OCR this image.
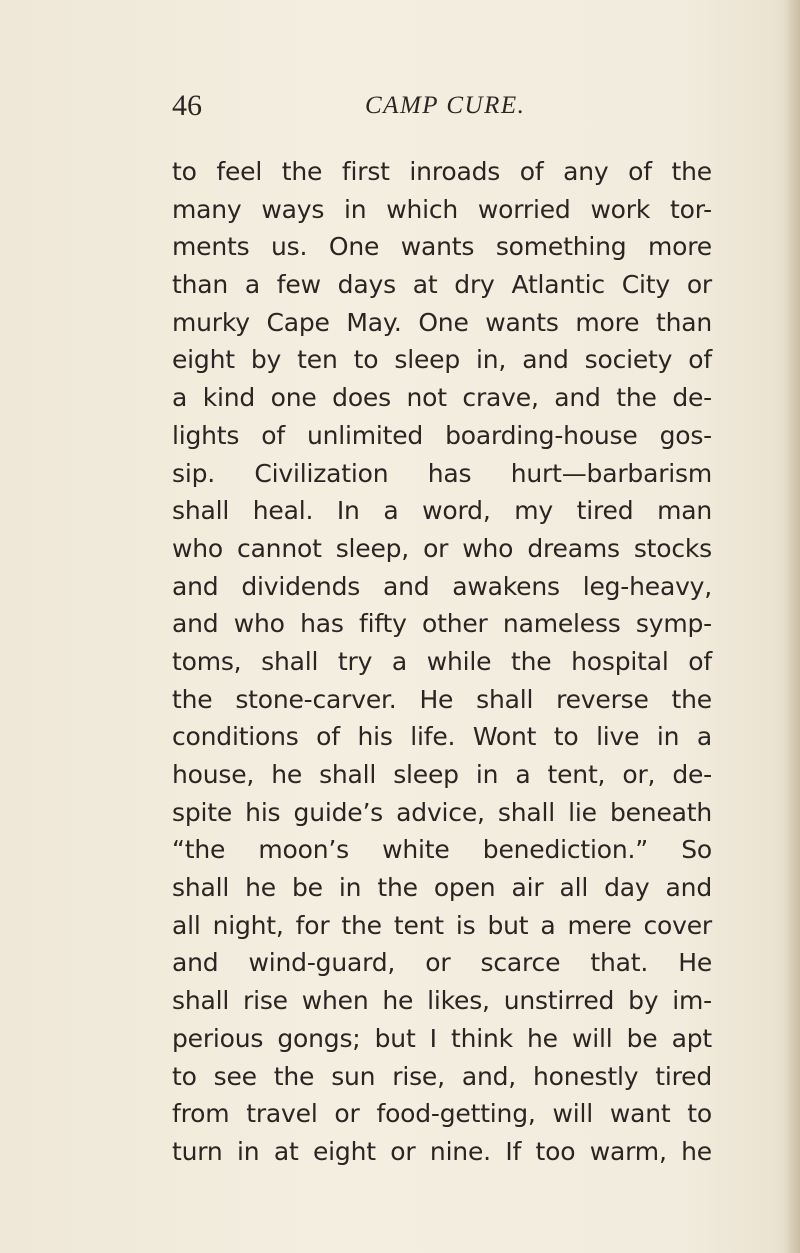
46	CAMP CURE.
to feel the first inroads of any of the
many ways in which worried work tor-
ments us. One wants something more
than a few days at dry Atlantic City or
murky Cape May. One wants more than
eight by ten to sleep in, and society of
a kind one does not crave, and the de-
lights of unlimited boarding-house gos-
sip. Civilization has hurt—barbarism
shall heal. In a word, my tired man
who cannot sleep, or who dreams stocks
and dividends and awakens leg-heavy,
and who has fifty other nameless symp-
toms, shall try a while the hospital of
the stone-carver. He shall reverse the
conditions of his life. Wont to live in a
house, he shall sleep in a tent, or, de-
spite his guide’s advice, shall lie beneath
“the moon’s white benediction.” So
shall he be in the open air all day and
all night, for the tent is but a mere cover
and wind-guard, or scarce that. He
shall rise when he likes, unstirred by im-
perious gongs; but I think he will be apt
to see the sun rise, and, honestly tired
from travel or food-getting, will want to
turn in at eight or nine. If too warm, he
